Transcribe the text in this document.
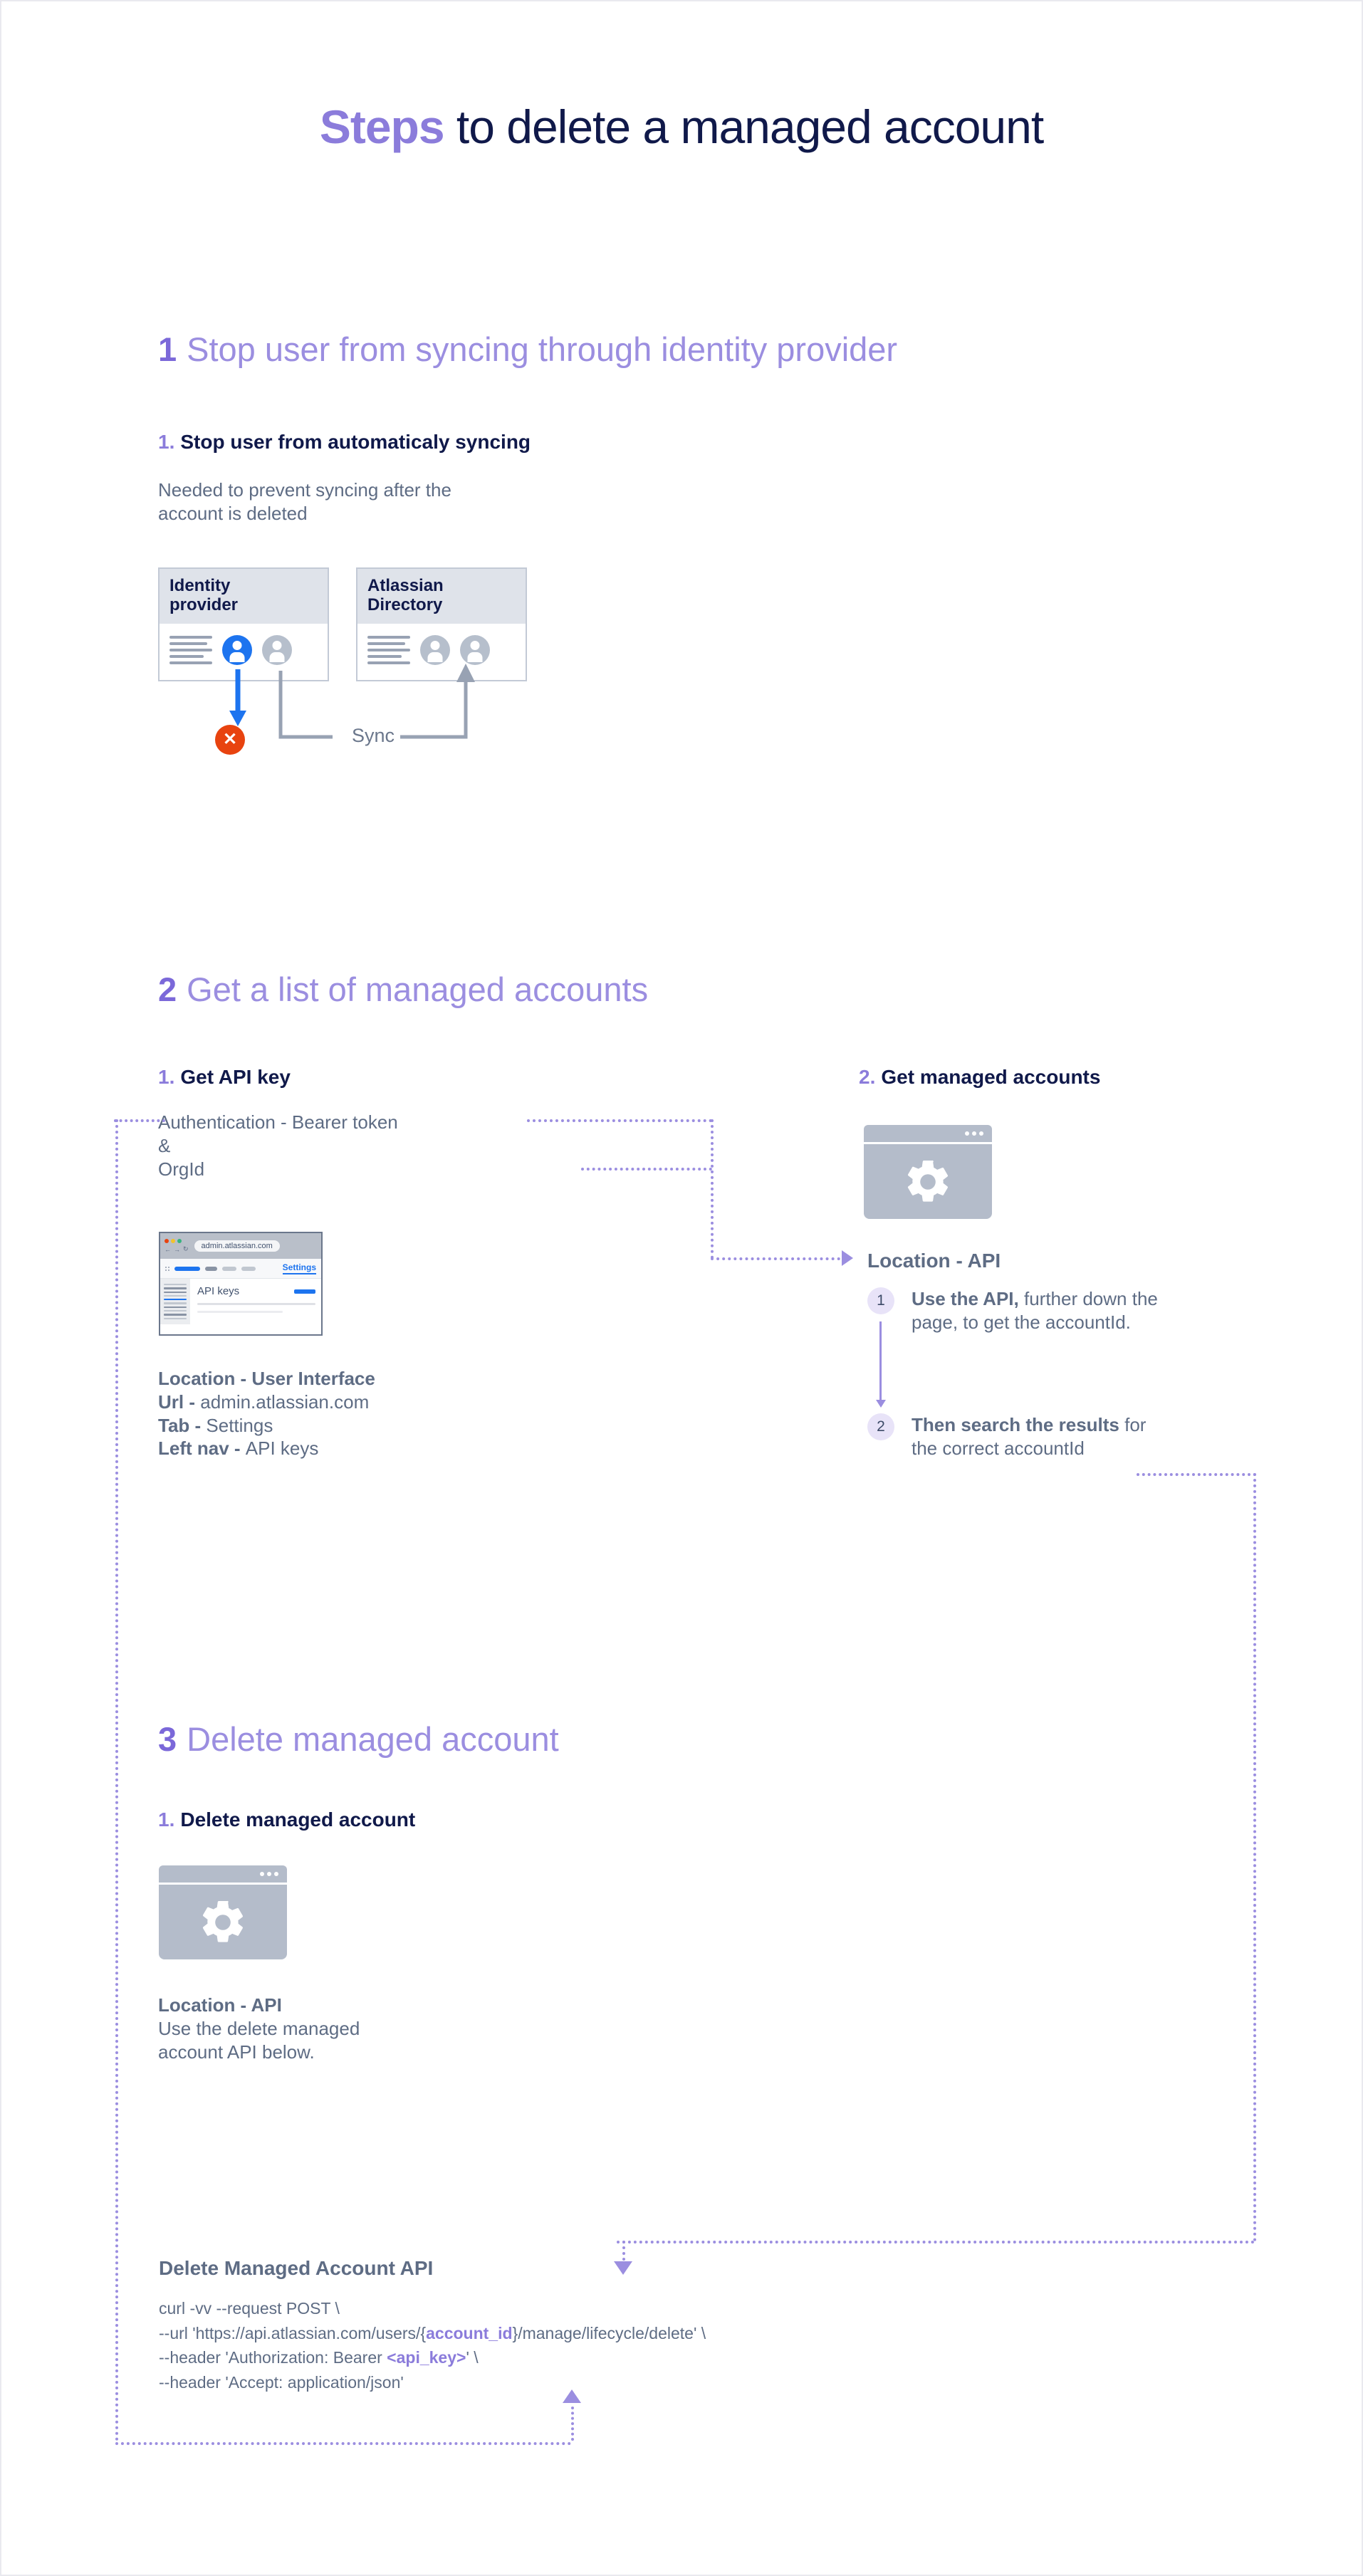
Steps to delete a managed account
1 Stop user from syncing through identity provider
1. Stop user from automaticaly syncing
Needed to prevent syncing after the
account is deleted
Identity
provider
Atlassian
Directory
✕	Sync
2 Get a list of managed accounts
1. Get API key
Authentication - Bearer token
&
OrgId
← → ↻	admin.atlassian.com
Settings
API keys
Location - User Interface
Url - admin.atlassian.com
Tab - Settings
Left nav - API keys
2. Get managed accounts
Location - API
1	Use the API, further down the
page, to get the accountId.
2	Then search the results for
the correct accountId
3 Delete managed account
1. Delete managed account
Location - API
Use the delete managed
account API below.
Delete Managed Account API
curl -vv --request POST \
--url 'https://api.atlassian.com/users/{account_id}/manage/lifecycle/delete' \
--header 'Authorization: Bearer <api_key>' \
--header 'Accept: application/json'
